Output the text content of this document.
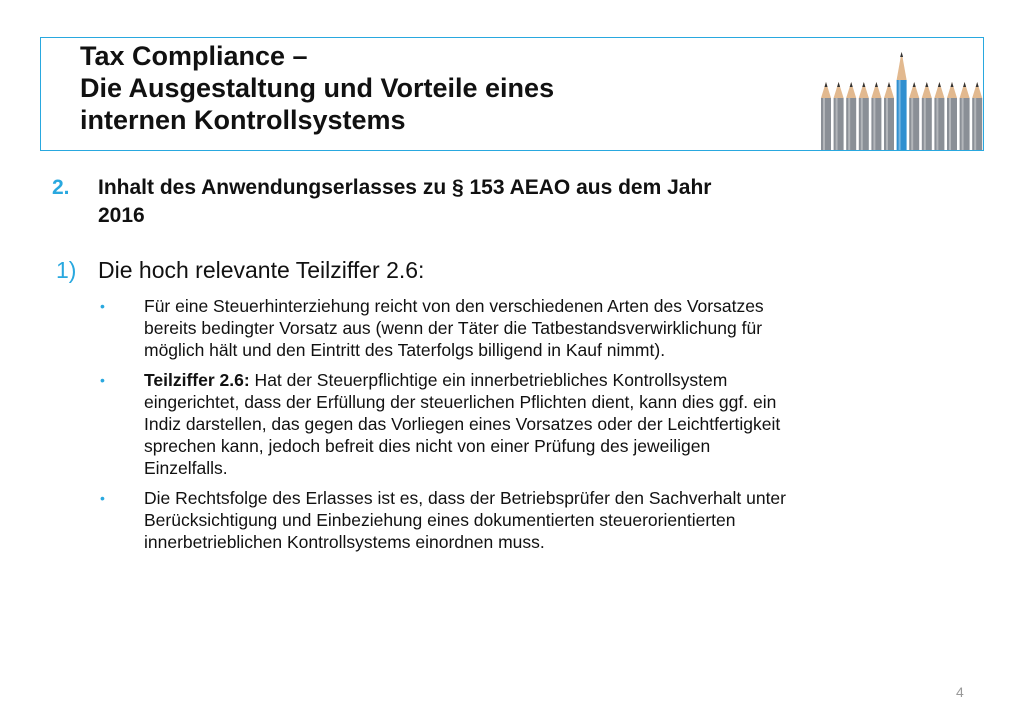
Tax Compliance –
Die Ausgestaltung und Vorteile eines
internen Kontrollsystems
2. Inhalt des Anwendungserlasses zu § 153 AEAO aus dem Jahr
2016
1) Die hoch relevante Teilziffer 2.6:
• Für eine Steuerhinterziehung reicht von den verschiedenen Arten des Vorsatzes
bereits bedingter Vorsatz aus (wenn der Täter die Tatbestandsverwirklichung für
möglich hält und den Eintritt des Taterfolgs billigend in Kauf nimmt).
• Teilziffer 2.6: Hat der Steuerpflichtige ein innerbetriebliches Kontrollsystem
eingerichtet, dass der Erfüllung der steuerlichen Pflichten dient, kann dies ggf. ein
Indiz darstellen, das gegen das Vorliegen eines Vorsatzes oder der Leichtfertigkeit
sprechen kann, jedoch befreit dies nicht von einer Prüfung des jeweiligen
Einzelfalls.
• Die Rechtsfolge des Erlasses ist es, dass der Betriebsprüfer den Sachverhalt unter
Berücksichtigung und Einbeziehung eines dokumentierten steuerorientierten
innerbetrieblichen Kontrollsystems einordnen muss.
4
